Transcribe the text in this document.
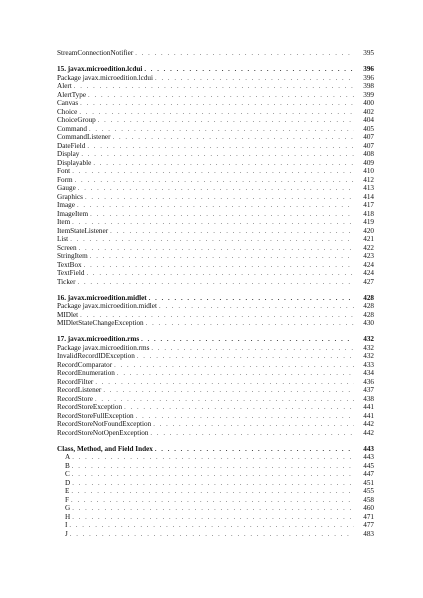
StreamConnectionNotifier . . .	395
15. javax.microedition.lcdui . . .	396
Package javax.microedition.lcdui . . .	396
Alert . . .	398
AlertType . . .	399
Canvas . . .	400
Choice . . .	402
ChoiceGroup . . .	404
Command . . .	405
CommandListener . . .	407
DateField . . .	407
Display . . .	408
Displayable . . .	409
Font . . .	410
Form . . .	412
Gauge . . .	413
Graphics . . .	414
Image . . .	417
ImageItem . . .	418
Item . . .	419
ItemStateListener . . .	420
List . . .	421
Screen . . .	422
StringItem . . .	423
TextBox . . .	424
TextField . . .	424
Ticker . . .	427
16. javax.microedition.midlet . . .	428
Package javax.microedition.midlet . . .	428
MIDlet . . .	428
MIDletStateChangeException . . .	430
17. javax.microedition.rms . . .	432
Package javax.microedition.rms . . .	432
InvalidRecordIDException . . .	432
RecordComparator . . .	433
RecordEnumeration . . .	434
RecordFilter . . .	436
RecordListener . . .	437
RecordStore . . .	438
RecordStoreException . . .	441
RecordStoreFullException . . .	441
RecordStoreNotFoundException . . .	442
RecordStoreNotOpenException . . .	442
Class, Method, and Field Index . . .	443
A . . .	443
B . . .	445
C . . .	447
D . . .	451
E . . .	455
F . . .	458
G . . .	460
H . . .	471
I . . .	477
J . . .	483
